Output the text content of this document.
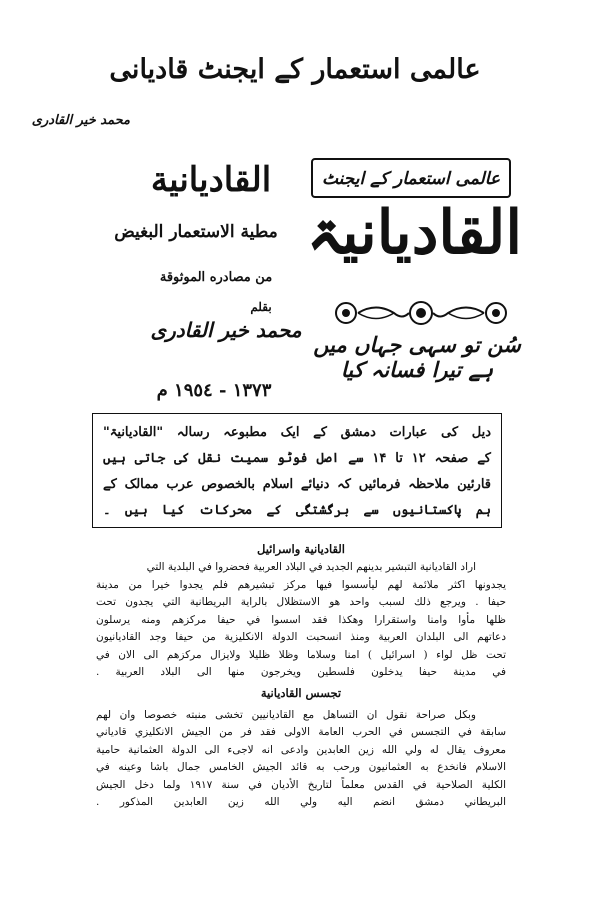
عالمی استعمار کے ایجنٹ قادیانی
محمد خیر القادری
عالمی استعمار کے ایجنٹ
القادیانیۃ
سُن تو سہی جہاں میں ہے تیرا فسانہ کیا
القاديانية
مطية الاستعمار البغيض
من مصادره الموثوقة
بقلم
محمد خیر القادری
١٣٧٣ - ١٩٥٤ م

دیل کی عبارات دمشق کے ایک مطبوعہ رسالہ "القادیانیۃ"

کے صفحہ ۱۲ تا ۱۴ سے اصل فوٹو سمیت نقل کی جاتی ہیں

قارئین ملاحظہ فرمائیں کہ دنیائے اسلام بالخصوص عرب ممالک کے

ہم پاکستانیوں سے برگشتگی کے محرکات کیا ہیں ۔

القاديانية واسرائيل

اراد القاديانية التبشير بدينهم الجديد في البلاد العربية فحضروا في البلدية التي

يجدونها اكثر ملائمة لهم ليأسسوا فيها مركز تبشيرهم فلم يجدوا خيرا من مدينة

حيفا . ويرجع ذلك لسبب واحد هو الاستظلال بالراية البريطانية التي يجدون تحت

ظلها مأوا وامنا واستقرارا وهكذا فقد اسسوا في حيفا مركزهم ومنه يرسلون

دعاتهم الى البلدان العربية ومنذ انسحبت الدولة الانكليزية من حيفا وجد القاديانيون

تحت ظل لواء ( اسرائيل ) امنا وسلاما وظلا ظليلا ولايزال مركزهم الى الان في

في مدينة حيفا يدخلون فلسطين ويخرجون منها الى البلاد العربية .

تجسس القاديانية

وبكل صراحة نقول ان التساهل مع القاديانيين تخشى منبته خصوصا وان لهم

سابقة في التجسس في الحرب العامة الاولى فقد فر من الجيش الانكليزي قادياني

معروف يقال له ولي الله زين العابدين وادعى انه لاجىء الى الدولة العثمانية حامية

الاسلام فانخدع به العثمانيون ورحب به قائد الجيش الخامس جمال باشا وعينه في

الكلية الصلاحية في القدس معلماً لتاريخ الأديان في سنة ١٩١٧ ولما دخل الجيش

البريطاني دمشق انضم اليه ولي الله زين العابدين المذكور .
